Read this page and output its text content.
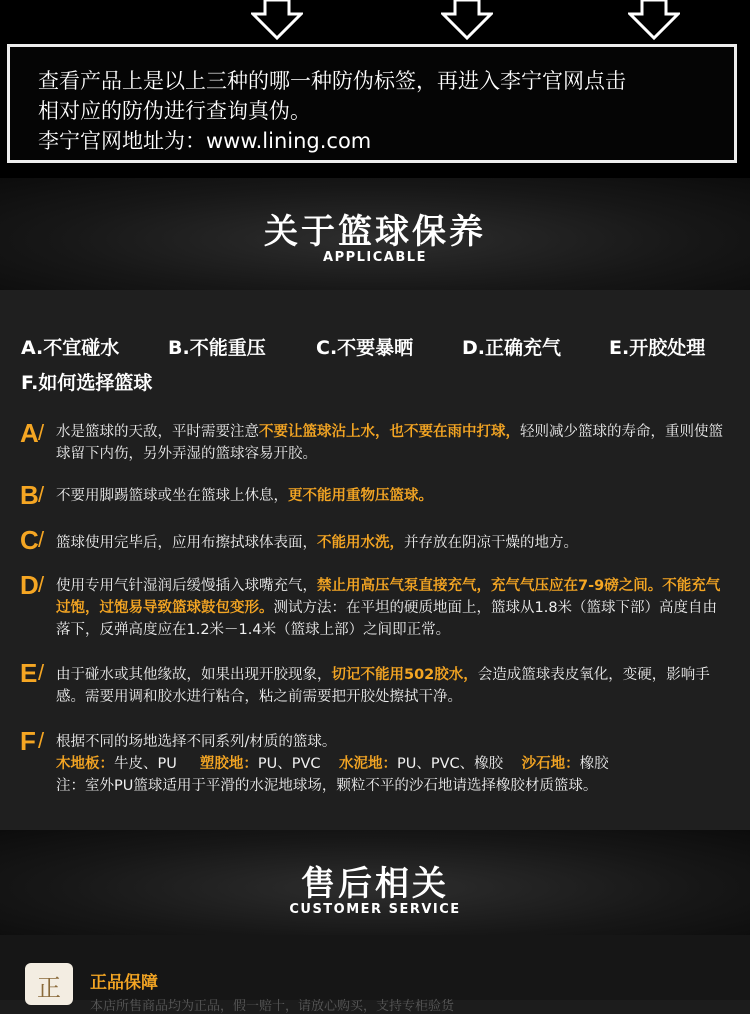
查看产品上是以上三种的哪一种防伪标签，再进入李宁官网点击
相对应的防伪进行查询真伪。
李宁官网地址为：www.lining.com
关于篮球保养
APPLICABLE
A.不宜碰水	B.不能重压	C.不要暴晒	D.正确充气	E.开胶处理
F.如何选择篮球
A / 水是篮球的天敌，平时需要注意不要让篮球沾上水，也不要在雨中打球，轻则减少篮球的寿命，重则使篮球留下内伤，另外弄湿的篮球容易开胶。
B / 不要用脚踢篮球或坐在篮球上休息，更不能用重物压篮球。
C / 篮球使用完毕后，应用布擦拭球体表面，不能用水洗，并存放在阴凉干燥的地方。
D / 使用专用气针湿润后缓慢插入球嘴充气，禁止用高压气泵直接充气，充气气压应在7-9磅之间。不能充气过饱，过饱易导致篮球鼓包变形。测试方法：在平坦的硬质地面上，篮球从1.8米（篮球下部）高度自由落下，反弹高度应在1.2米－1.4米（篮球上部）之间即正常。
E / 由于碰水或其他缘故，如果出现开胶现象，切记不能用502胶水，会造成篮球表皮氧化，变硬，影响手感。需要用调和胶水进行粘合，粘之前需要把开胶处擦拭干净。
F / 根据不同的场地选择不同系列/材质的篮球。
木地板：牛皮、PU 塑胶地：PU、PVC 水泥地：PU、PVC、橡胶 沙石地：橡胶
注：室外PU篮球适用于平滑的水泥地球场，颗粒不平的沙石地请选择橡胶材质篮球。
售后相关
CUSTOMER SERVICE
正	正品保障
本店所售商品均为正品，假一赔十，请放心购买，支持专柜验货
